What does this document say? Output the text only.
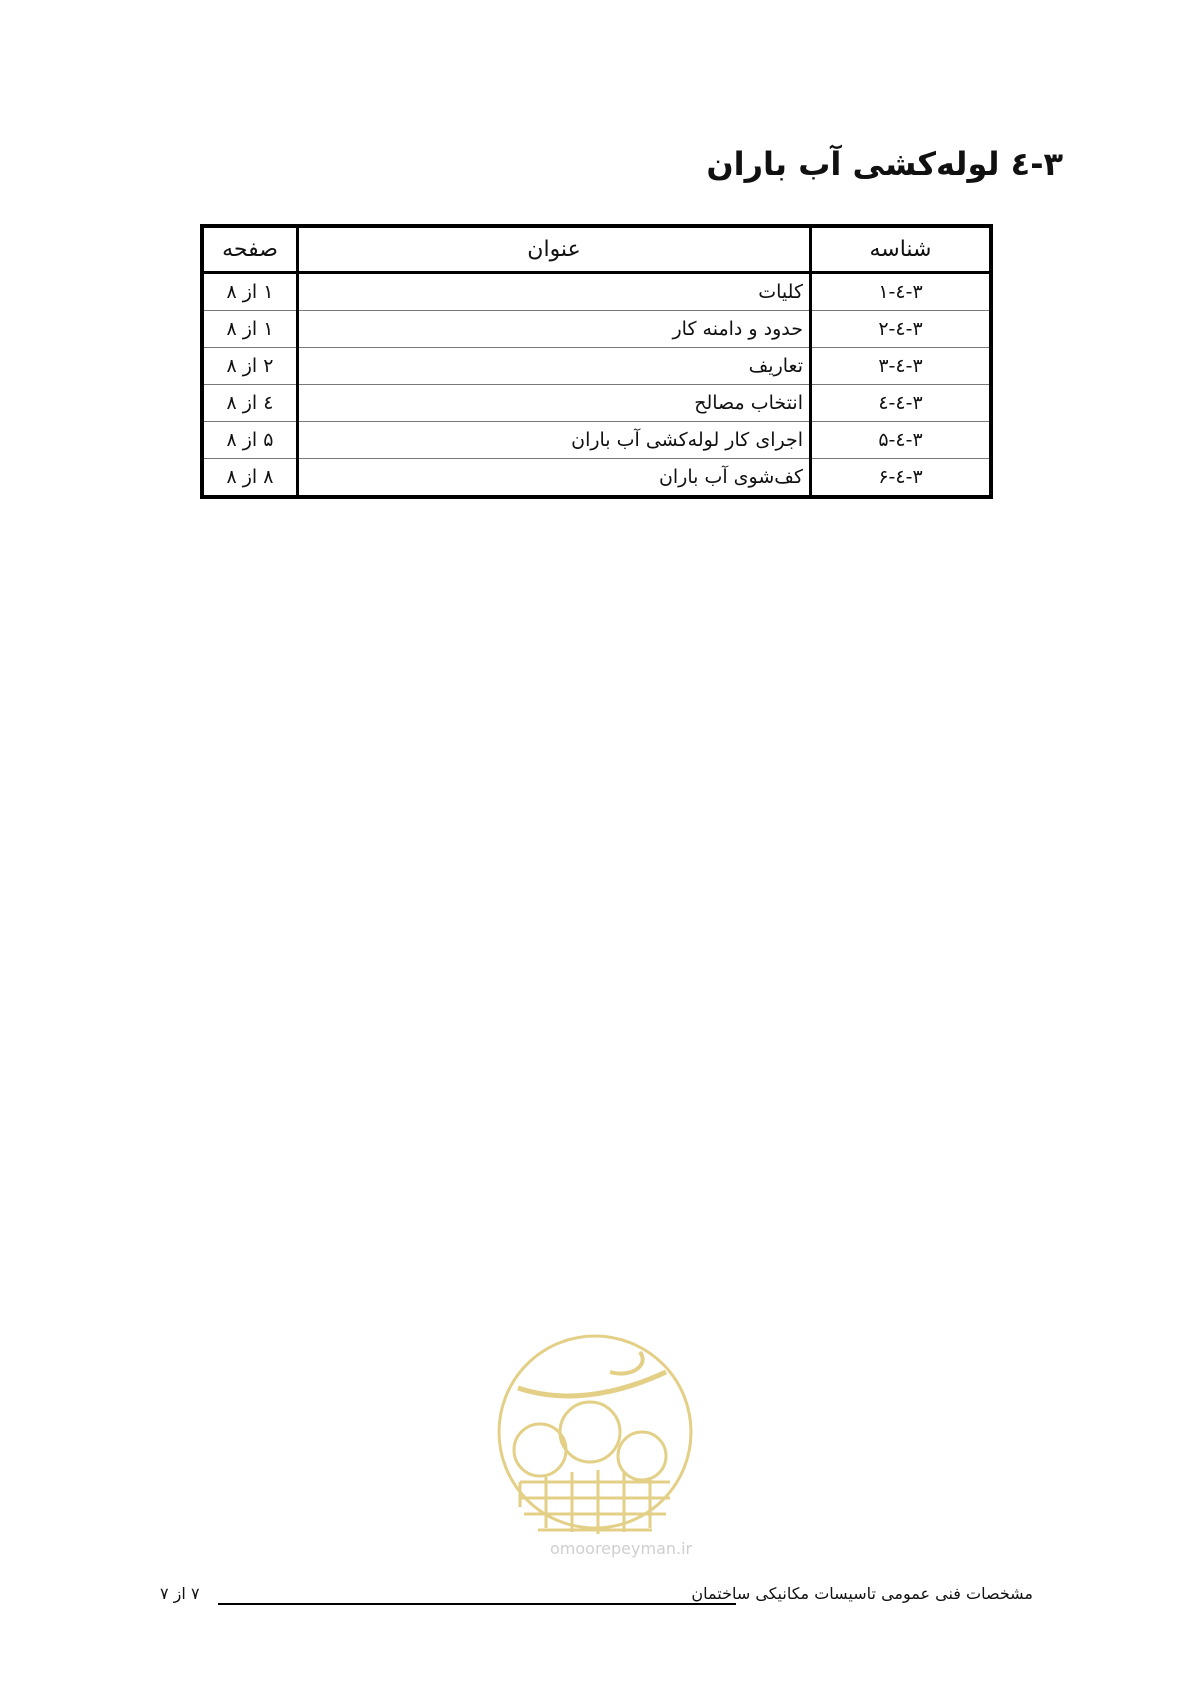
۳-٤ لوله‌کشی آب باران
شناسه	عنوان	صفحه
۳-٤-۱	کلیات	۱ از ۸
۳-٤-۲	حدود و دامنه کار	۱ از ۸
۳-٤-۳	تعاریف	۲ از ۸
۳-٤-٤	انتخاب مصالح	٤ از ۸
۳-٤-۵	اجرای کار لوله‌کشی آب باران	۵ از ۸
۳-٤-۶	کف‌شوی آب باران	۸ از ۸
omoorepeyman.ir
۷ از ۷	مشخصات فنی عمومی تاسیسات مکانیکی ساختمان
